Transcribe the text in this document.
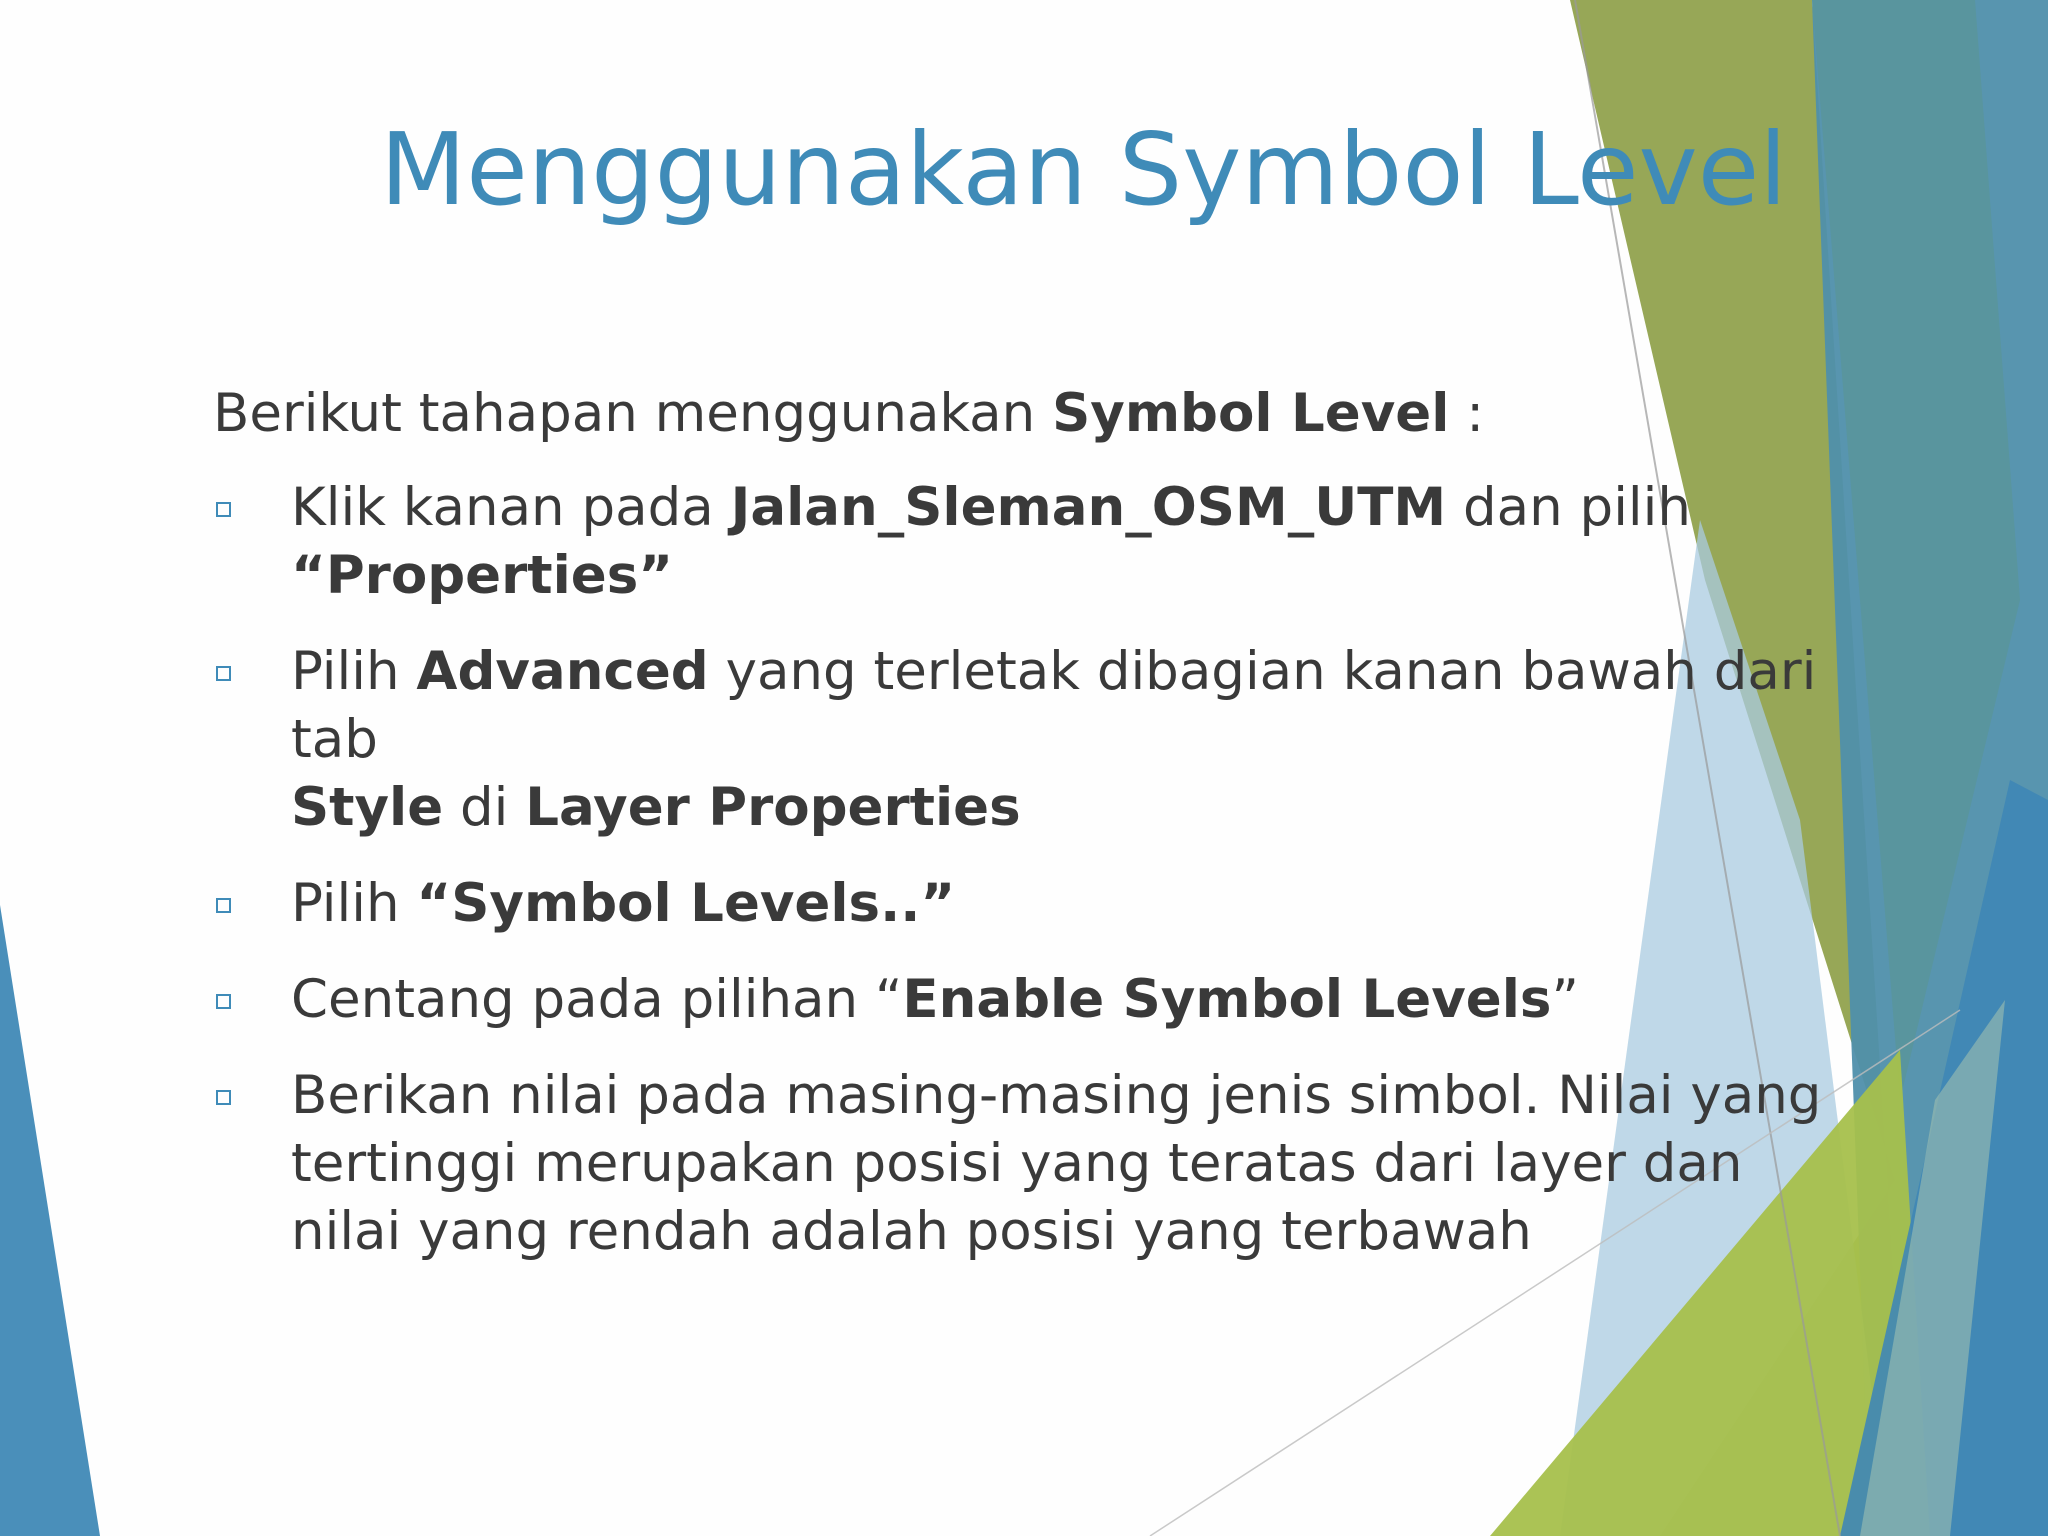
Menggunakan Symbol Level

Berikut tahapan menggunakan Symbol Level :

Klik kanan pada Jalan_Sleman_OSM_UTM dan pilih
“Properties”
Pilih Advanced yang terletak dibagian kanan bawah dari tab
Style di Layer Properties
Pilih “Symbol Levels..”
Centang pada pilihan “Enable Symbol Levels”
Berikan nilai pada masing-masing jenis simbol. Nilai yang tertinggi merupakan posisi yang teratas dari layer dan nilai yang rendah adalah posisi yang terbawah
